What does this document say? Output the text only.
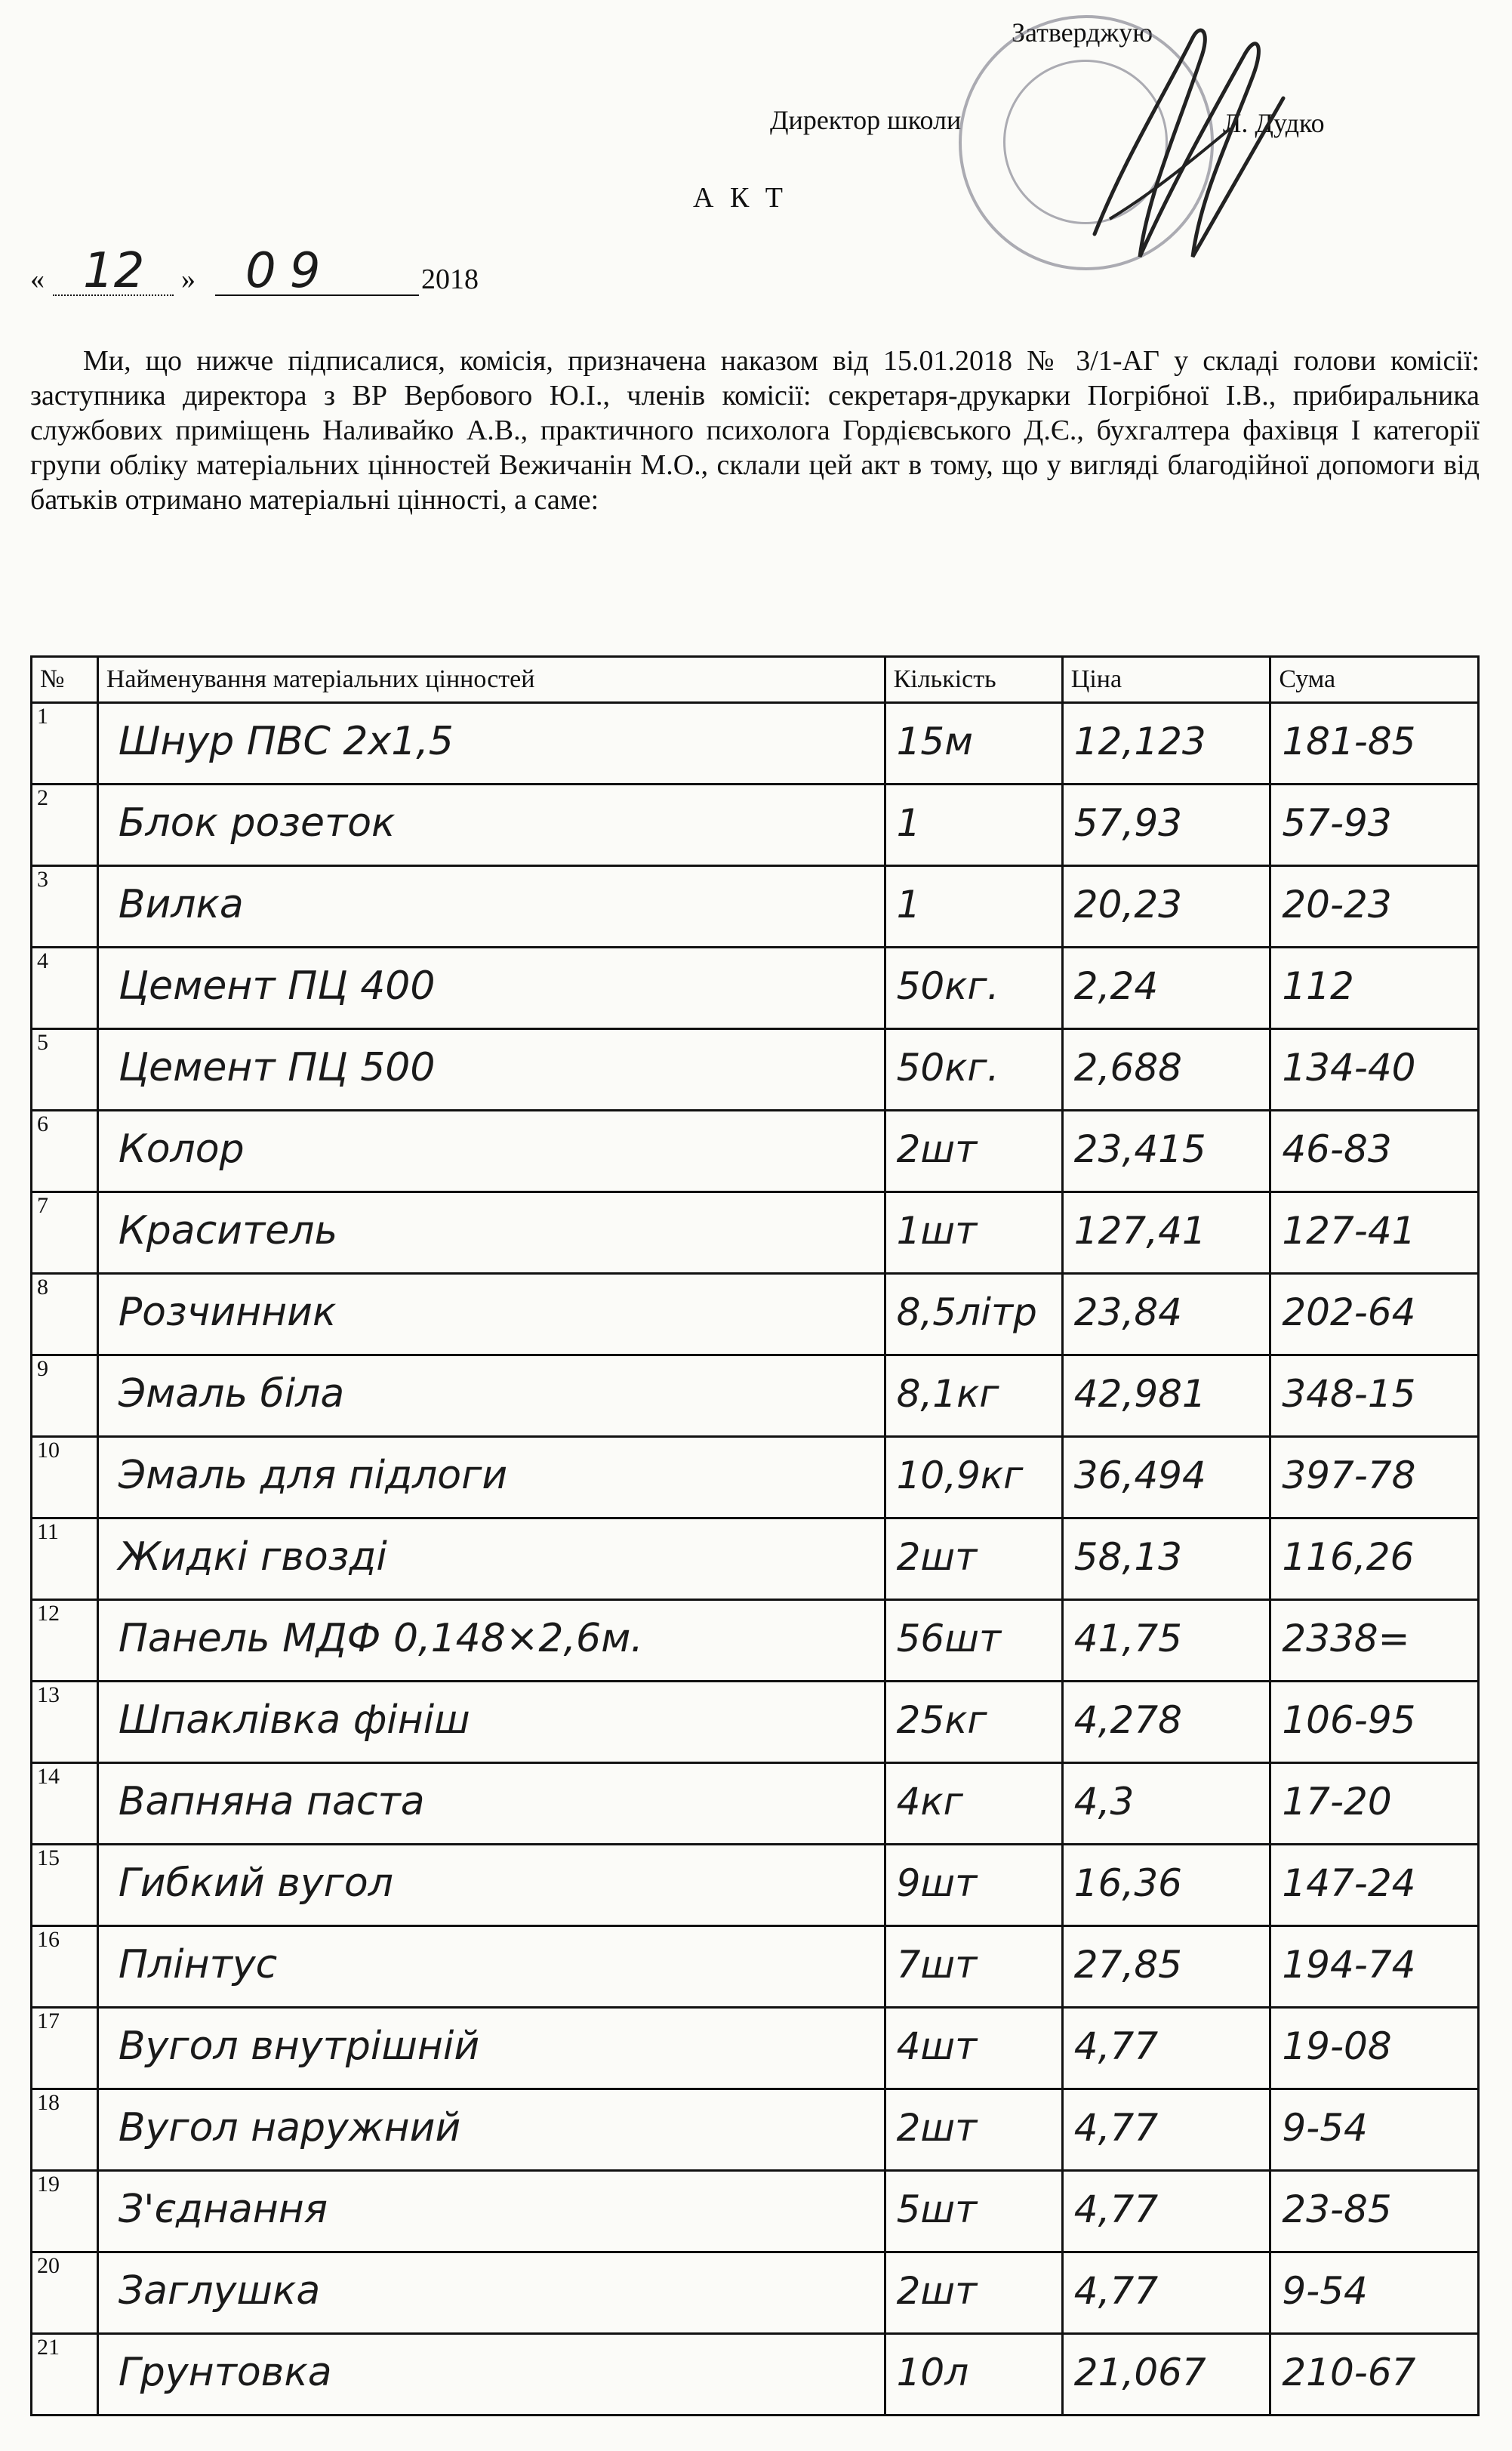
Затверджую
Директор школи	Л. Дудко
А К Т
« 12 » 09	2018
Ми, що нижче підписалися, комісія, призначена наказом від 15.01.2018 № 3/1-АГ у складі голови комісії: заступника директора з ВР Вербового Ю.І., членів комісії: секретаря-друкарки Погрібної І.В., прибиральника службових приміщень Наливайко А.В., практичного психолога Гордієвського Д.Є., бухгалтера фахівця І категорії групи обліку матеріальних цінностей Вежичанін М.О., склали цей акт в тому, що у вигляді благодійної допомоги від батьків отримано матеріальні цінності, а саме:
№	Найменування матеріальних цінностей	Кількість	Ціна	Сума

1	Шнур ПВС 2х1,5	15м	12,123	181-85

2	Блок розеток	1	57,93	57-93

3	Вилка	1	20,23	20-23

4	Цемент ПЦ 400	50кг.	2,24	112

5	Цемент ПЦ 500	50кг.	2,688	134-40

6	Колор	2шт	23,415	46-83

7	Краситель	1шт	127,41	127-41

8	Розчинник	8,5літр	23,84	202-64

9	Эмаль біла	8,1кг	42,981	348-15

10	Эмаль для підлоги	10,9кг	36,494	397-78

11	Жидкі гвоздi	2шт	58,13	116,26

12	Панель МДФ 0,148×2,6м.	56шт	41,75	2338=

13	Шпаклівка фініш	25кг	4,278	106-95

14	Вапняна паста	4кг	4,3	17-20

15	Гибкий вугол	9шт	16,36	147-24

16	Плінтус	7шт	27,85	194-74

17	Вугол внутрішній	4шт	4,77	19-08

18	Вугол наружний	2шт	4,77	9-54

19	З'єднання	5шт	4,77	23-85

20	Заглушка	2шт	4,77	9-54

21	Грунтовка	10л	21,067	210-67
